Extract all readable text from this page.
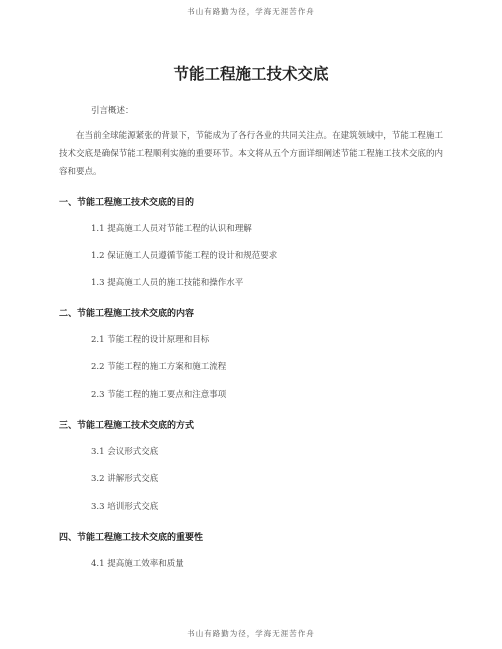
书山有路勤为径，学海无涯苦作舟
节能工程施工技术交底
引言概述：
在当前全球能源紧张的背景下，节能成为了各行各业的共同关注点。在建筑领域中，节能工程施工技术交底是确保节能工程顺利实施的重要环节。本文将从五个方面详细阐述节能工程施工技术交底的内容和要点。
一、节能工程施工技术交底的目的
1.1 提高施工人员对节能工程的认识和理解
1.2 保证施工人员遵循节能工程的设计和规范要求
1.3 提高施工人员的施工技能和操作水平
二、节能工程施工技术交底的内容
2.1 节能工程的设计原理和目标
2.2 节能工程的施工方案和施工流程
2.3 节能工程的施工要点和注意事项
三、节能工程施工技术交底的方式
3.1 会议形式交底
3.2 讲解形式交底
3.3 培训形式交底
四、节能工程施工技术交底的重要性
4.1 提高施工效率和质量
书山有路勤为径，学海无涯苦作舟
